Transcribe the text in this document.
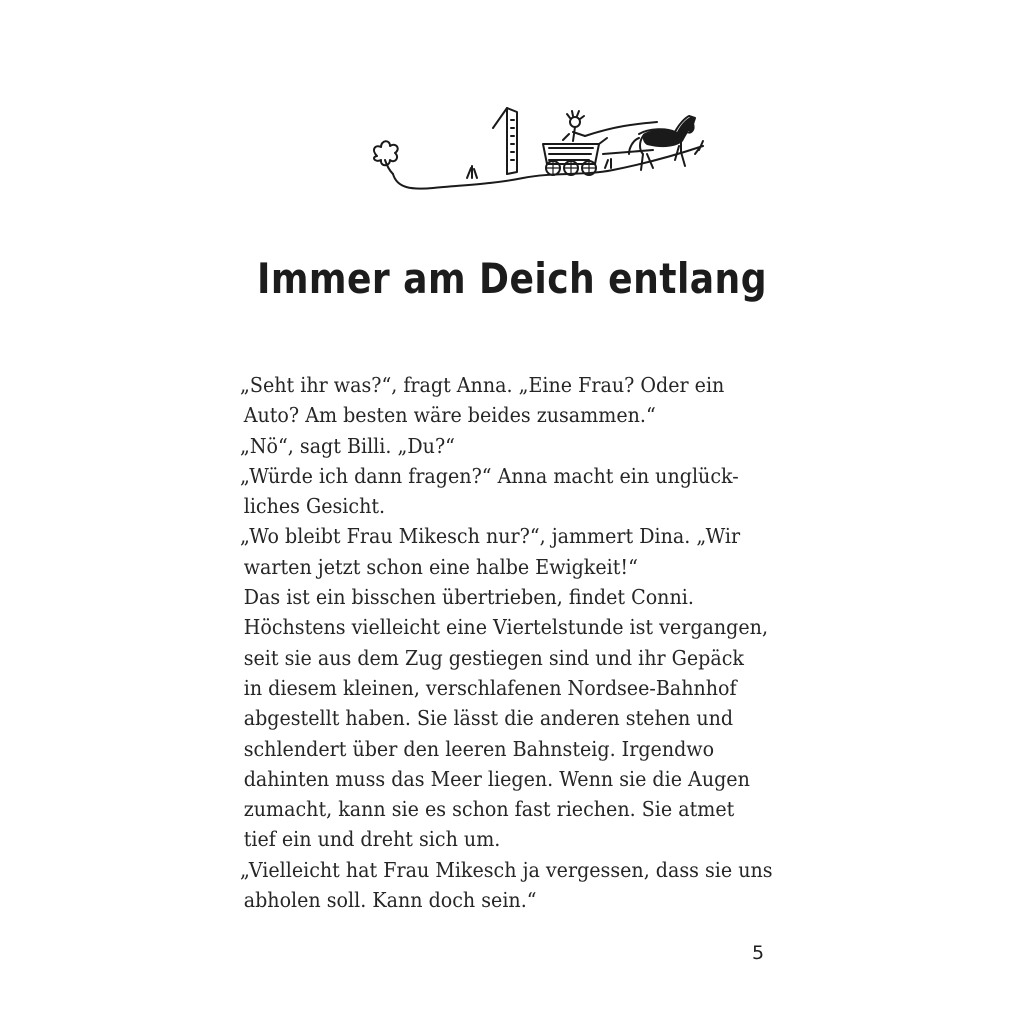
Immer am Deich entlang
„Seht ihr was?“, fragt Anna. „Eine Frau? Oder ein
Auto? Am besten wäre beides zusammen.“
„Nö“, sagt Billi. „Du?“
„Würde ich dann fragen?“ Anna macht ein unglück-
liches Gesicht.
„Wo bleibt Frau Mikesch nur?“, jammert Dina. „Wir
warten jetzt schon eine halbe Ewigkeit!“
Das ist ein bisschen übertrieben, findet Conni.
Höchstens vielleicht eine Viertelstunde ist vergangen,
seit sie aus dem Zug gestiegen sind und ihr Gepäck
in diesem kleinen, verschlafenen Nordsee-Bahnhof
abgestellt haben. Sie lässt die anderen stehen und
schlendert über den leeren Bahnsteig. Irgendwo
dahinten muss das Meer liegen. Wenn sie die Augen
zumacht, kann sie es schon fast riechen. Sie atmet
tief ein und dreht sich um.
„Vielleicht hat Frau Mikesch ja vergessen, dass sie uns
abholen soll. Kann doch sein.“
5
